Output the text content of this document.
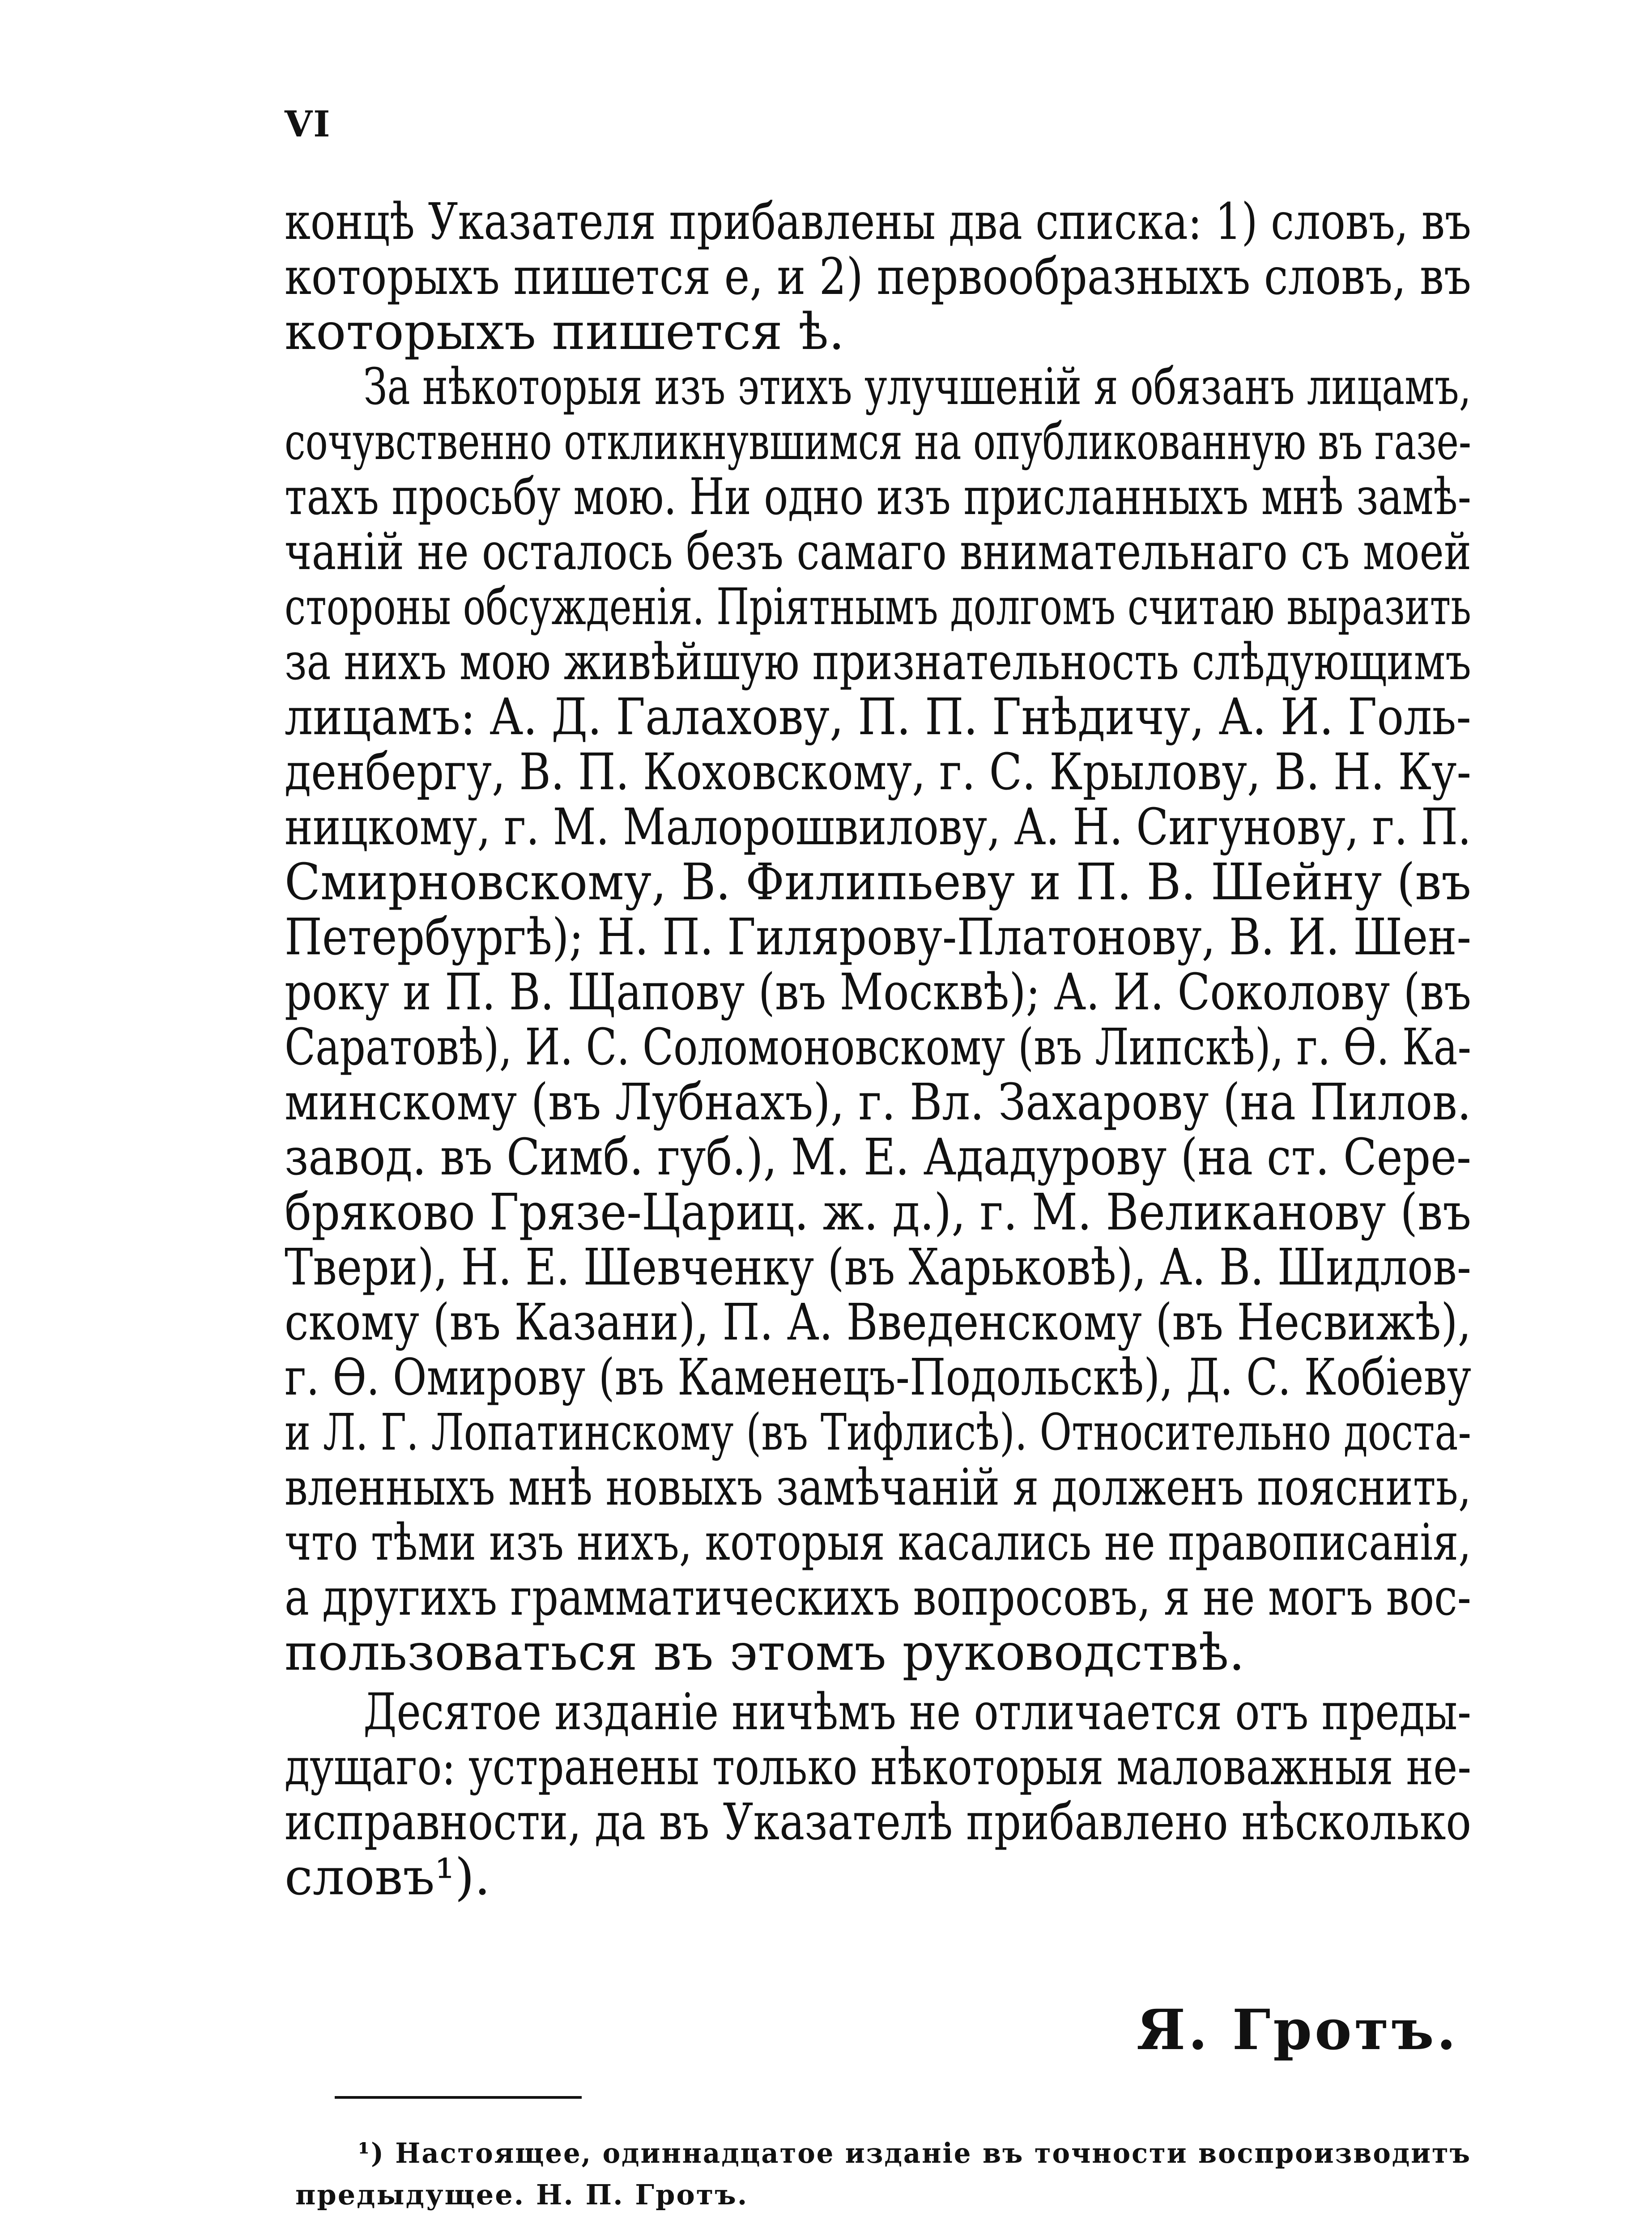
VI
концѣ Указателя прибавлены два списка: 1) словъ, въ
которыхъ пишется е, и 2) первообразныхъ словъ, въ
которыхъ пишется ѣ.
За нѣкоторыя изъ этихъ улучшенiй я обязанъ лицамъ,
сочувственно откликнувшимся на опубликованную въ газе-
тахъ просьбу мою. Ни одно изъ присланныхъ мнѣ замѣ-
чанiй не осталось безъ самаго внимательнаго съ моей
стороны обсужденiя. Прiятнымъ долгомъ считаю выразить
за нихъ мою живѣйшую признательность слѣдующимъ
лицамъ: А. Д. Галахову, П. П. Гнѣдичу, А. И. Голь-
денбергу, В. П. Коховскому, г. С. Крылову, В. Н. Ку-
ницкому, г. М. Малорошвилову, А. Н. Сигунову, г. П.
Смирновскому, В. Филипьеву и П. В. Шейну (въ
Петербургѣ); Н. П. Гилярову-Платонову, В. И. Шен-
року и П. В. Щапову (въ Москвѣ); А. И. Соколову (въ
Саратовѣ), И. С. Соломоновскому (въ Липскѣ), г. Ѳ. Ка-
минскому (въ Лубнахъ), г. Вл. Захарову (на Пилов.
завод. въ Симб. губ.), М. Е. Ададурову (на ст. Сере-
бряково Грязе-Цариц. ж. д.), г. М. Великанову (въ
Твери), Н. Е. Шевченку (въ Харьковѣ), А. В. Шидлов-
скому (въ Казани), П. А. Введенскому (въ Несвижѣ),
г. Ѳ. Омирову (въ Каменецъ-Подольскѣ), Д. С. Кобiеву
и Л. Г. Лопатинскому (въ Тифлисѣ). Относительно доста-
вленныхъ мнѣ новыхъ замѣчанiй я долженъ пояснить,
что тѣми изъ нихъ, которыя касались не правописанiя,
а другихъ грамматическихъ вопросовъ, я не могъ вос-
пользоваться въ этомъ руководствѣ.
Десятое изданiе ничѣмъ не отличается отъ преды-
дущаго: устранены только нѣкоторыя маловажныя не-
исправности, да въ Указателѣ прибавлено нѣсколько
словъ¹).
Я. Гротъ.
¹) Настоящее, одиннадцатое изданiе въ точности воспроизводитъ
предыдущее. Н. П. Гротъ.
